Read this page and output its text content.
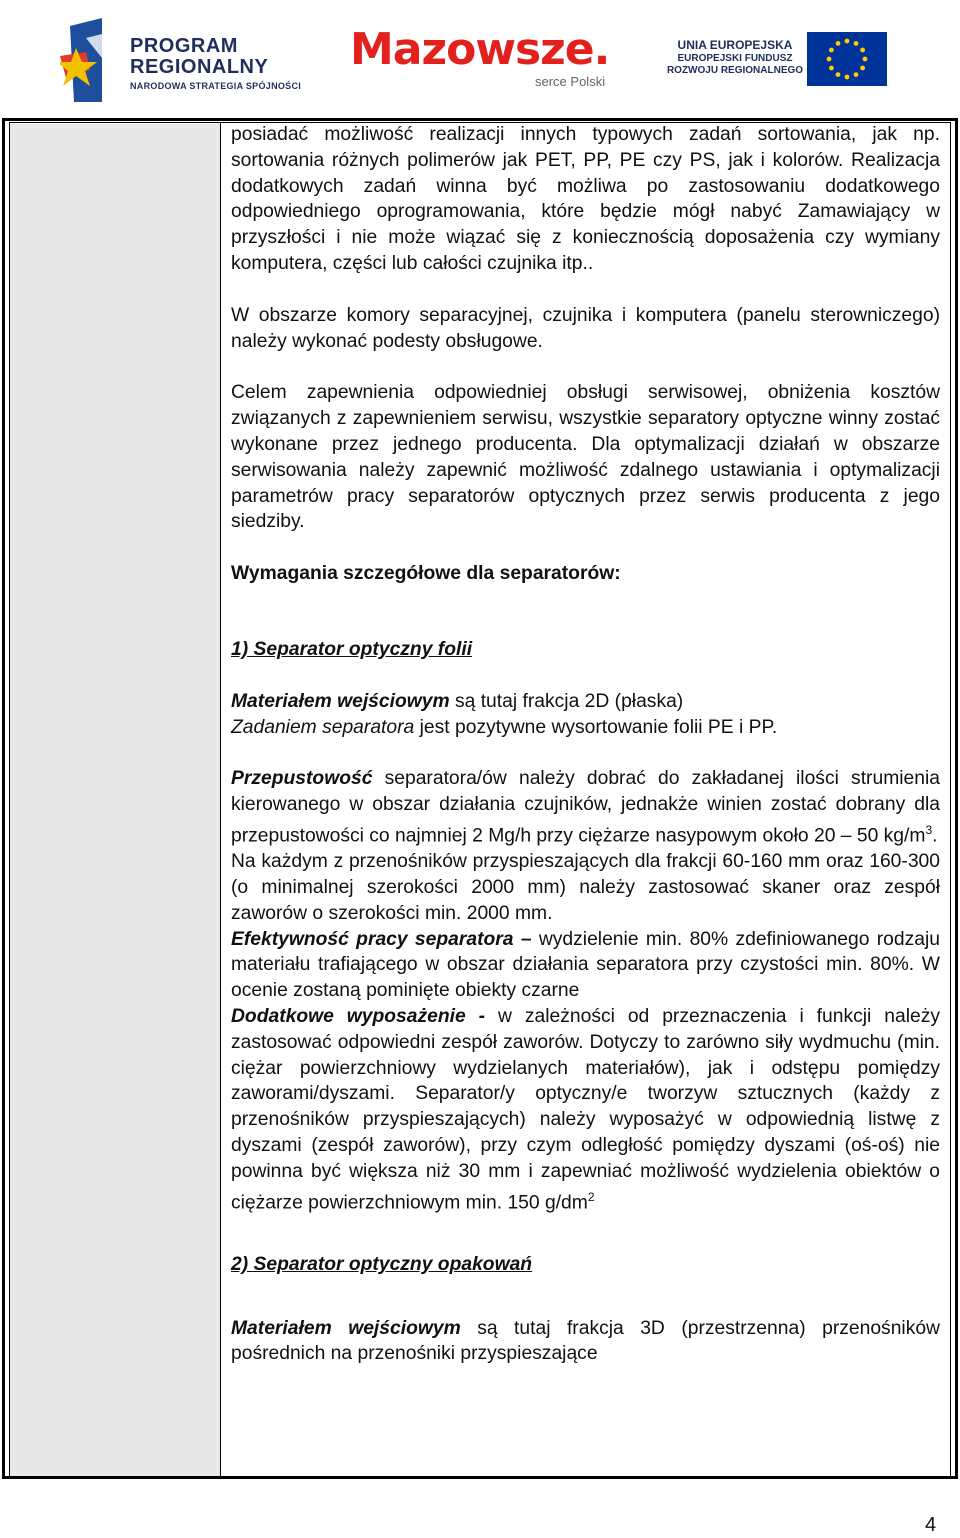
PROGRAM
REGIONALNY
NARODOWA STRATEGIA SPÓJNOŚCI
Mazowsze.
serce Polski
UNIA EUROPEJSKA
EUROPEJSKI FUNDUSZ
ROZWOJU REGIONALNEGO

posiadać możliwość realizacji innych typowych zadań sortowania, jak np. sortowania różnych polimerów jak PET, PP, PE czy PS, jak i kolorów. Realizacja dodatkowych zadań winna być możliwa po zastosowaniu dodatkowego odpowiedniego oprogramowania, które będzie mógł nabyć Zamawiający w przyszłości i nie może wiązać się z koniecznością doposażenia czy wymiany komputera, części lub całości czujnika itp..

W obszarze komory separacyjnej, czujnika i komputera (panelu sterowniczego) należy wykonać podesty obsługowe.

Celem zapewnienia odpowiedniej obsługi serwisowej, obniżenia kosztów związanych z zapewnieniem serwisu, wszystkie separatory optyczne winny zostać wykonane przez jednego producenta. Dla optymalizacji działań w obszarze serwisowania należy zapewnić możliwość zdalnego ustawiania i optymalizacji parametrów pracy separatorów optycznych przez serwis producenta z jego siedziby.

Wymagania szczegółowe dla separatorów:

1) Separator optyczny folii

Materiałem wejściowym są tutaj frakcja 2D (płaska)

Zadaniem separatora jest pozytywne wysortowanie folii PE i PP.

Przepustowość separatora/ów należy dobrać do zakładanej ilości strumienia kierowanego w obszar działania czujników, jednakże winien zostać dobrany dla przepustowości co najmniej 2 Mg/h przy ciężarze nasypowym około 20 – 50 $kg/m^3$.

Na każdym z przenośników przyspieszających dla frakcji 60-160 mm oraz 160-300 (o minimalnej szerokości 2000 mm) należy zastosować skaner oraz zespół zaworów o szerokości min. 2000 mm.

Efektywność pracy separatora – wydzielenie min. 80% zdefiniowanego rodzaju materiału trafiającego w obszar działania separatora przy czystości min. 80%. W ocenie zostaną pominięte obiekty czarne

Dodatkowe wyposażenie - w zależności od przeznaczenia i funkcji należy zastosować odpowiedni zespół zaworów. Dotyczy to zarówno siły wydmuchu (min. ciężar powierzchniowy wydzielanych materiałów), jak i odstępu pomiędzy zaworami/dyszami. Separator/y optyczny/e tworzyw sztucznych (każdy z przenośników przyspieszających) należy wyposażyć w odpowiednią listwę z dyszami (zespół zaworów), przy czym odległość pomiędzy dyszami (oś-oś) nie powinna być większa niż 30 mm i zapewniać możliwość wydzielenia obiektów o ciężarze powierzchniowym min. 150 $g/dm^2$

2) Separator optyczny opakowań

Materiałem wejściowym są tutaj frakcja 3D (przestrzenna) przenośników pośrednich na przenośniki przyspieszające

4
